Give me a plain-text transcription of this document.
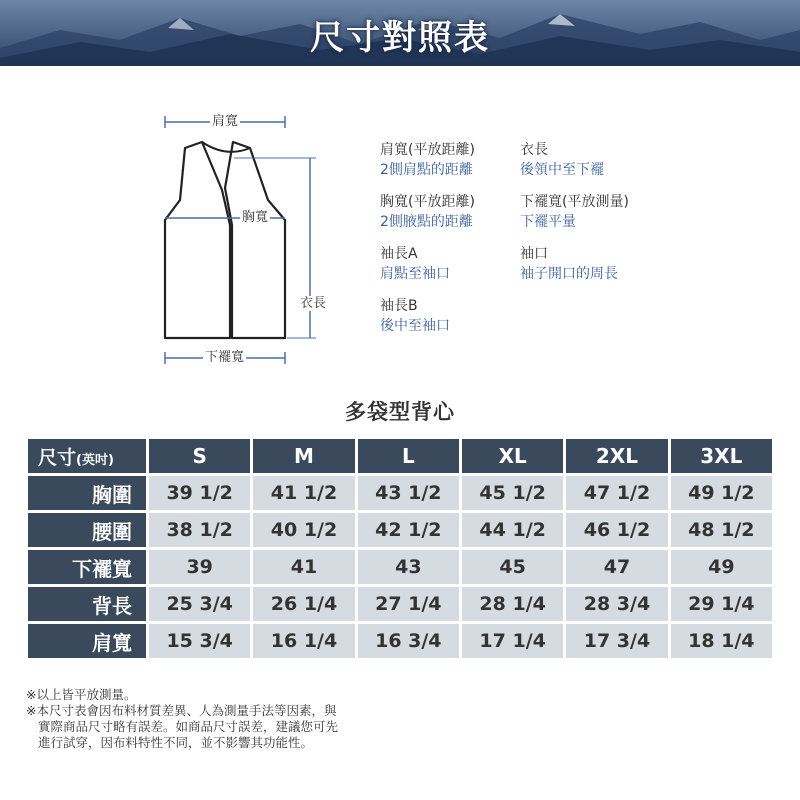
尺寸對照表
肩寬
胸寬
衣長
下襬寬
肩寬(平放距離)
2側肩點的距離
衣長
後領中至下襬
胸寬(平放距離)
2側腋點的距離
下襬寬(平放測量)
下襬平量
袖長A
肩點至袖口
袖口
袖子開口的周長
袖長B
後中至袖口
多袋型背心
尺寸(英吋)	S	M	L	XL	2XL	3XL
胸圍	39 1/2	41 1/2	43 1/2	45 1/2	47 1/2	49 1/2
腰圍	38 1/2	40 1/2	42 1/2	44 1/2	46 1/2	48 1/2
下襬寬	39	41	43	45	47	49
背長	25 3/4	26 1/4	27 1/4	28 1/4	28 3/4	29 1/4
肩寬	15 3/4	16 1/4	16 3/4	17 1/4	17 3/4	18 1/4
※以上皆平放測量。
※本尺寸表會因布料材質差異、人為測量手法等因素，與
實際商品尺寸略有誤差。如商品尺寸誤差，建議您可先
進行試穿，因布料特性不同，並不影響其功能性。
